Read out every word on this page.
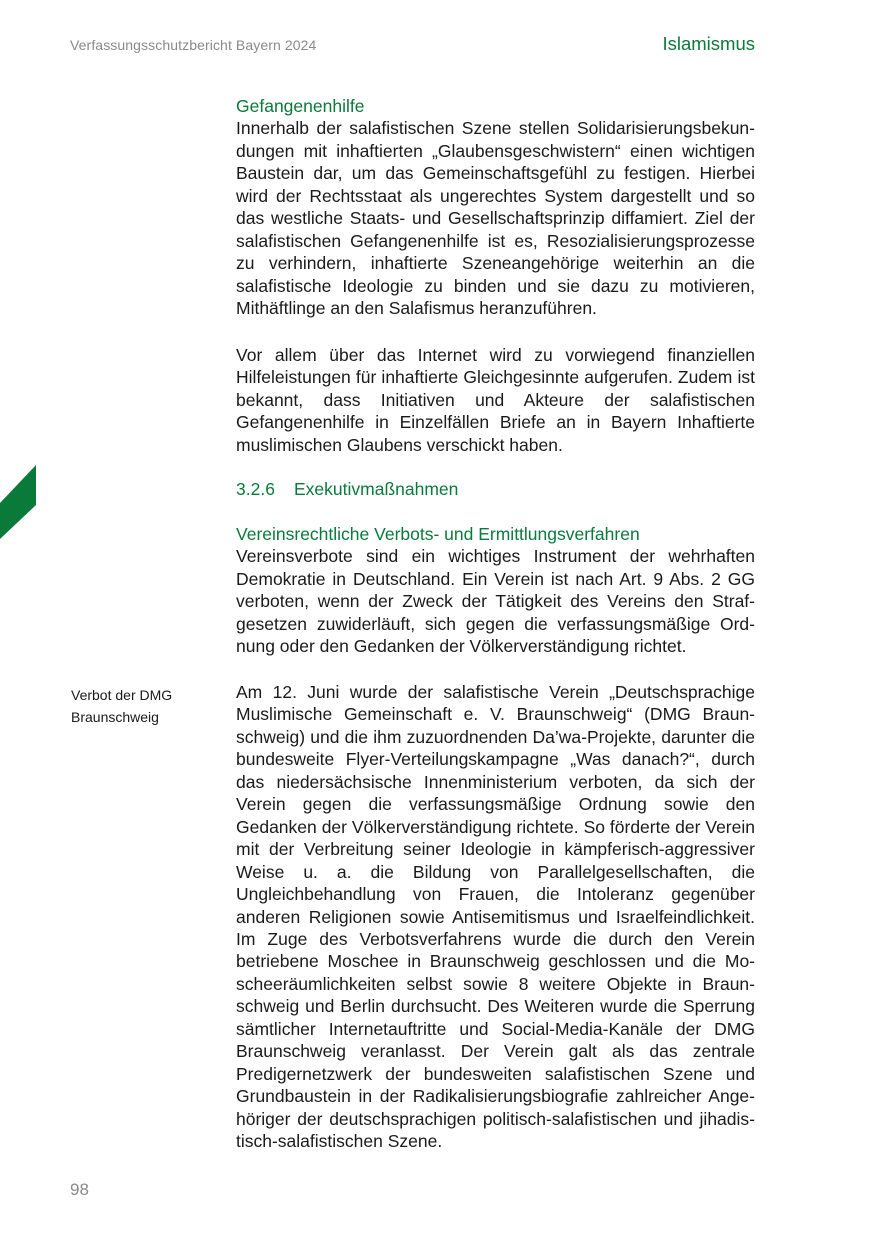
Verfassungsschutzbericht Bayern 2024	Islamismus

Gefangenenhilfe

Innerhalb der salafistischen Szene stellen Solidarisierungsbekundungen mit inhaftierten „Glaubensgeschwistern“ einen wichtigen Baustein dar, um das Gemeinschaftsgefühl zu festigen. Hierbei wird der Rechtsstaat als ungerechtes System dargestellt und so das westliche Staats- und Gesellschaftsprinzip diffamiert. Ziel der salafistischen Gefangenenhilfe ist es, Resozialisierungsprozesse zu verhindern, inhaftierte Szeneangehörige weiterhin an die salafistische Ideologie zu binden und sie dazu zu motivieren, Mithäftlinge an den Salafismus heranzuführen.

Vor allem über das Internet wird zu vorwiegend finanziellen Hilfeleistungen für inhaftierte Gleichgesinnte aufgerufen. Zudem ist bekannt, dass Initiativen und Akteure der salafistischen Gefangenenhilfe in Einzelfällen Briefe an in Bayern Inhaftierte muslimischen Glaubens verschickt haben.

3.2.6 Exekutivmaßnahmen

Vereinsrechtliche Verbots- und Ermittlungsverfahren

Vereinsverbote sind ein wichtiges Instrument der wehrhaften Demokratie in Deutschland. Ein Verein ist nach Art. 9 Abs. 2 GG verboten, wenn der Zweck der Tätigkeit des Vereins den Strafgesetzen zuwiderläuft, sich gegen die verfassungsmäßige Ordnung oder den Gedanken der Völkerverständigung richtet.

Verbot der DMG Braunschweig

Am 12. Juni wurde der salafistische Verein „Deutschsprachige Muslimische Gemeinschaft e. V. Braunschweig“ (DMG Braunschweig) und die ihm zuzuordnenden Da’wa-Projekte, darunter die bundesweite Flyer-Verteilungskampagne „Was danach?“, durch das niedersächsische Innenministerium verboten, da sich der Verein gegen die verfassungsmäßige Ordnung sowie den Gedanken der Völkerverständigung richtete. So förderte der Verein mit der Verbreitung seiner Ideologie in kämpferisch-aggressiver Weise u. a. die Bildung von Parallelgesellschaften, die Ungleichbehandlung von Frauen, die Intoleranz gegenüber anderen Religionen sowie Antisemitismus und Israelfeindlichkeit. Im Zuge des Verbotsverfahrens wurde die durch den Verein betriebene Moschee in Braunschweig geschlossen und die Moscheeräumlichkeiten selbst sowie 8 weitere Objekte in Braunschweig und Berlin durchsucht. Des Weiteren wurde die Sperrung sämtlicher Internetauftritte und Social-Media-Kanäle der DMG Braunschweig veranlasst. Der Verein galt als das zentrale Predigernetzwerk der bundesweiten salafistischen Szene und Grundbaustein in der Radikalisierungsbiografie zahlreicher Angehöriger der deutschsprachigen politisch-salafistischen und jihadistisch-salafistischen Szene.

98
